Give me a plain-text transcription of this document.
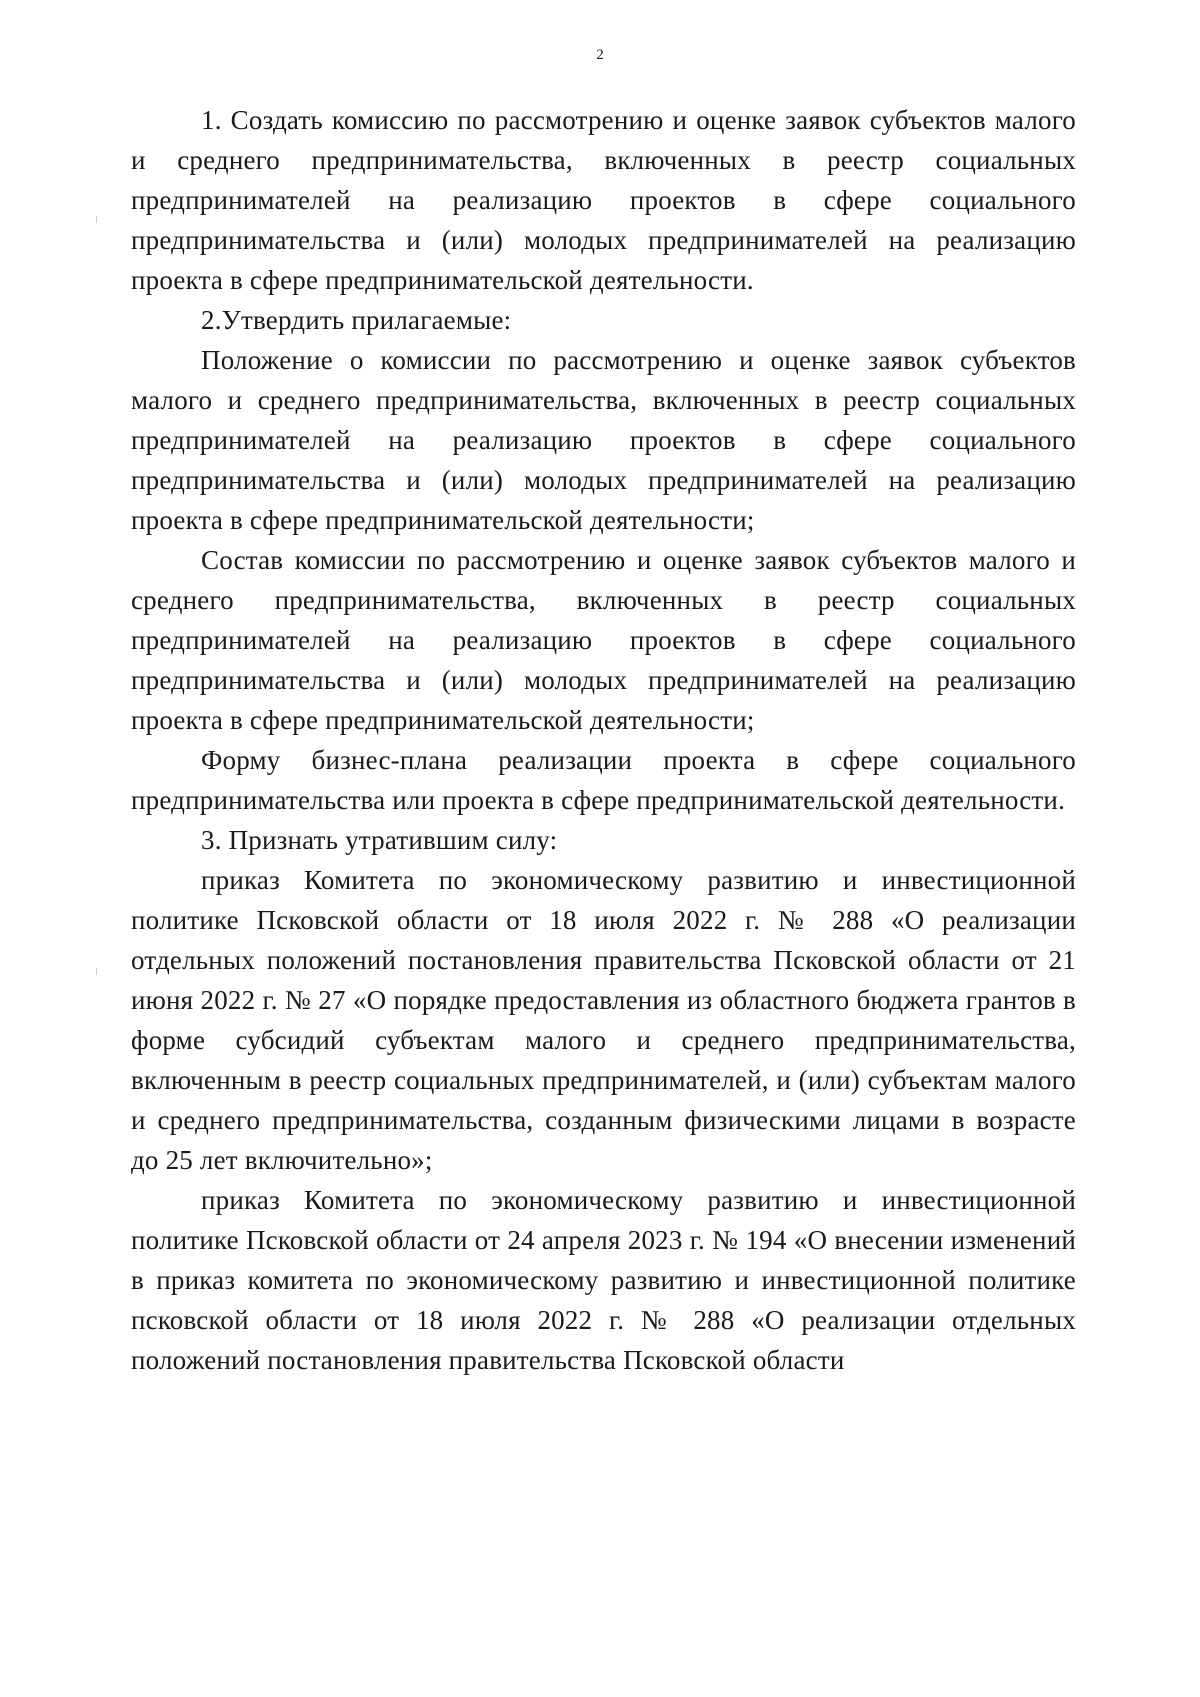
2

1. Создать комиссию по рассмотрению и оценке заявок субъектов малого и среднего предпринимательства, включенных в реестр социальных предпринимателей на реализацию проектов в сфере социального предпринимательства и (или) молодых предпринимателей на реализацию проекта в сфере предпринимательской деятельности.

2.Утвердить прилагаемые:

Положение о комиссии по рассмотрению и оценке заявок субъектов малого и среднего предпринимательства, включенных в реестр социальных предпринимателей на реализацию проектов в сфере социального предпринимательства и (или) молодых предпринимателей на реализацию проекта в сфере предпринимательской деятельности;

Состав комиссии по рассмотрению и оценке заявок субъектов малого и среднего предпринимательства, включенных в реестр социальных предпринимателей на реализацию проектов в сфере социального предпринимательства и (или) молодых предпринимателей на реализацию проекта в сфере предпринимательской деятельности;

Форму бизнес-плана реализации проекта в сфере социального предпринимательства или проекта в сфере предпринимательской деятельности.

3. Признать утратившим силу:

приказ Комитета по экономическому развитию и инвестиционной политике Псковской области от 18 июля 2022 г. № 288 «О реализации отдельных положений постановления правительства Псковской области от 21 июня 2022 г. № 27 «О порядке предоставления из областного бюджета грантов в форме субсидий субъектам малого и среднего предпринимательства, включенным в реестр социальных предпринимателей, и (или) субъектам малого и среднего предпринимательства, созданным физическими лицами в возрасте до 25 лет включительно»;

приказ Комитета по экономическому развитию и инвестиционной политике Псковской области от 24 апреля 2023 г. № 194 «О внесении изменений в приказ комитета по экономическому развитию и инвестиционной политике псковской области от 18 июля 2022 г. № 288 «О реализации отдельных положений постановления правительства Псковской области
